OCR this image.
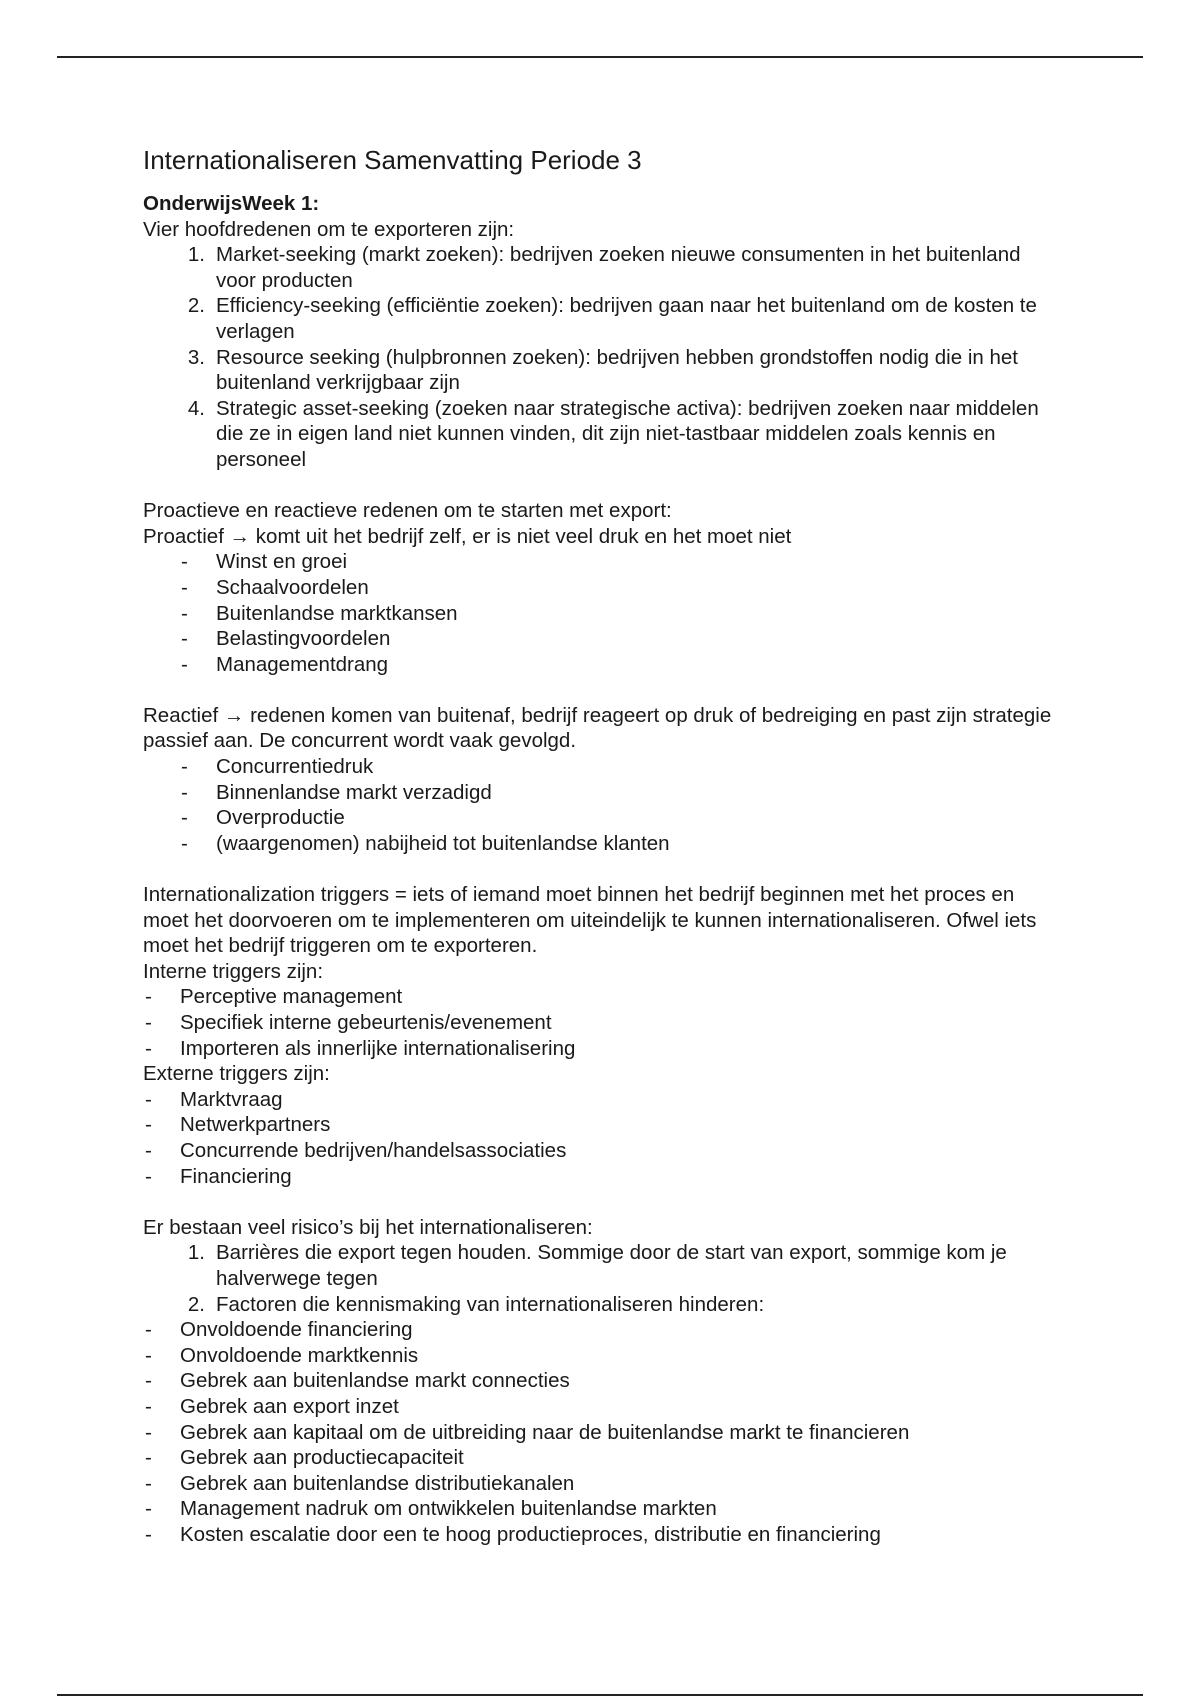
Internationaliseren Samenvatting Periode 3

OnderwijsWeek 1:

Vier hoofdredenen om te exporteren zijn:

1. Market-seeking (markt zoeken): bedrijven zoeken nieuwe consumenten in het buitenland voor producten
2. Efficiency-seeking (efficiëntie zoeken): bedrijven gaan naar het buitenland om de kosten te verlagen
3. Resource seeking (hulpbronnen zoeken): bedrijven hebben grondstoffen nodig die in het buitenland verkrijgbaar zijn
4. Strategic asset-seeking (zoeken naar strategische activa): bedrijven zoeken naar middelen die ze in eigen land niet kunnen vinden, dit zijn niet-tastbaar middelen zoals kennis en personeel

Proactieve en reactieve redenen om te starten met export:

Proactief → komt uit het bedrijf zelf, er is niet veel druk en het moet niet

- Winst en groei
- Schaalvoordelen
- Buitenlandse marktkansen
- Belastingvoordelen
- Managementdrang

Reactief → redenen komen van buitenaf, bedrijf reageert op druk of bedreiging en past zijn strategie passief aan. De concurrent wordt vaak gevolgd.

- Concurrentiedruk
- Binnenlandse markt verzadigd
- Overproductie
- (waargenomen) nabijheid tot buitenlandse klanten

Internationalization triggers = iets of iemand moet binnen het bedrijf beginnen met het proces en moet het doorvoeren om te implementeren om uiteindelijk te kunnen internationaliseren. Ofwel iets moet het bedrijf triggeren om te exporteren.

Interne triggers zijn:

- Perceptive management
- Specifiek interne gebeurtenis/evenement
- Importeren als innerlijke internationalisering

Externe triggers zijn:

- Marktvraag
- Netwerkpartners
- Concurrende bedrijven/handelsassociaties
- Financiering

Er bestaan veel risico’s bij het internationaliseren:

1. Barrières die export tegen houden. Sommige door de start van export, sommige kom je halverwege tegen
2. Factoren die kennismaking van internationaliseren hinderen:
- Onvoldoende financiering
- Onvoldoende marktkennis
- Gebrek aan buitenlandse markt connecties
- Gebrek aan export inzet
- Gebrek aan kapitaal om de uitbreiding naar de buitenlandse markt te financieren
- Gebrek aan productiecapaciteit
- Gebrek aan buitenlandse distributiekanalen
- Management nadruk om ontwikkelen buitenlandse markten
- Kosten escalatie door een te hoog productieproces, distributie en financiering
